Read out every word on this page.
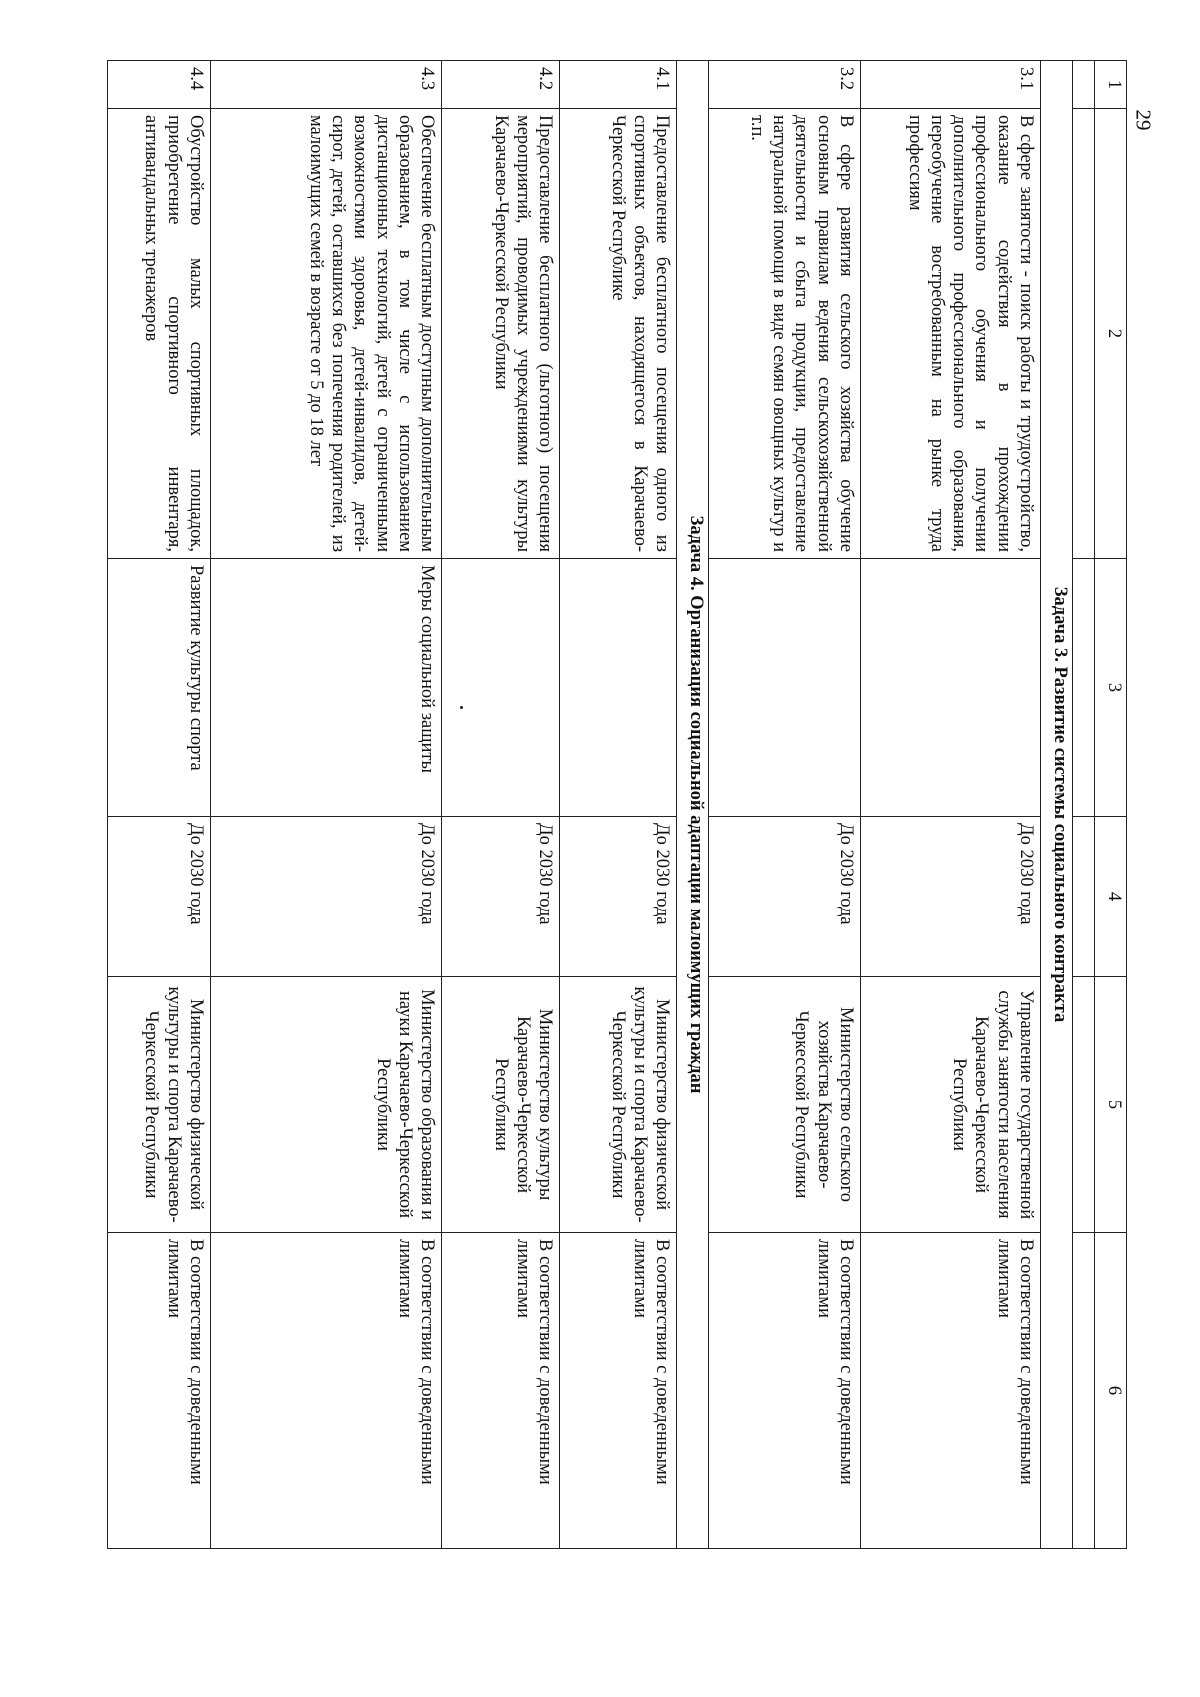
29
1	2	3	4	5	6

Задача 3. Развитие системы социального контракта					
3.1	В сфере занятости - поиск работы и трудоустройство, оказание содействия в прохождении профессионального обучения и получении дополнительного профессионального образования, переобучение востребованным на рынке труда профессиям		До 2030 года	Управление государственной службы занятости населения Карачаево-Черкесской Республики	В соответствии с доведенными лимитами
3.2	В сфере развития сельского хозяйства обучение основным правилам ведения сельскохозяйственной деятельности и сбыта продукции, предоставление натуральной помощи в виде семян овощных культур и т.п.		До 2030 года	Министерство сельского хозяйства Карачаево-Черкесской Республики	В соответствии с доведенными лимитами
Задача 4. Организация социальной адаптации малоимущих граждан					
4.1	Предоставление бесплатного посещения одного из спортивных объектов, находящегося в Карачаево-Черкесской Республике		До 2030 года	Министерство физической культуры и спорта Карачаево-Черкесской Республики	В соответствии с доведенными лимитами
4.2	Предоставление бесплатного (льготного) посещения мероприятий, проводимых учреждениями культуры Карачаево-Черкесской Республики		До 2030 года	Министерство культуры Карачаево-Черкесской Республики	В соответствии с доведенными лимитами
4.3	Обеспечение бесплатным доступным дополнительным образованием, в том числе с использованием дистанционных технологий, детей с ограниченными возможностями здоровья, детей-инвалидов, детей-сирот, детей, оставшихся без попечения родителей, из малоимущих семей в возрасте от 5 до 18 лет	Меры социальной защиты	До 2030 года	Министерство образования и науки Карачаево-Черкесской Республики	В соответствии с доведенными лимитами
4.4	Обустройство малых спортивных площадок, приобретение спортивного инвентаря, антивандальных тренажеров	Развитие культуры спорта	До 2030 года	Министерство физической культуры и спорта Карачаево-Черкесской Республики	В соответствии с доведенными лимитами
